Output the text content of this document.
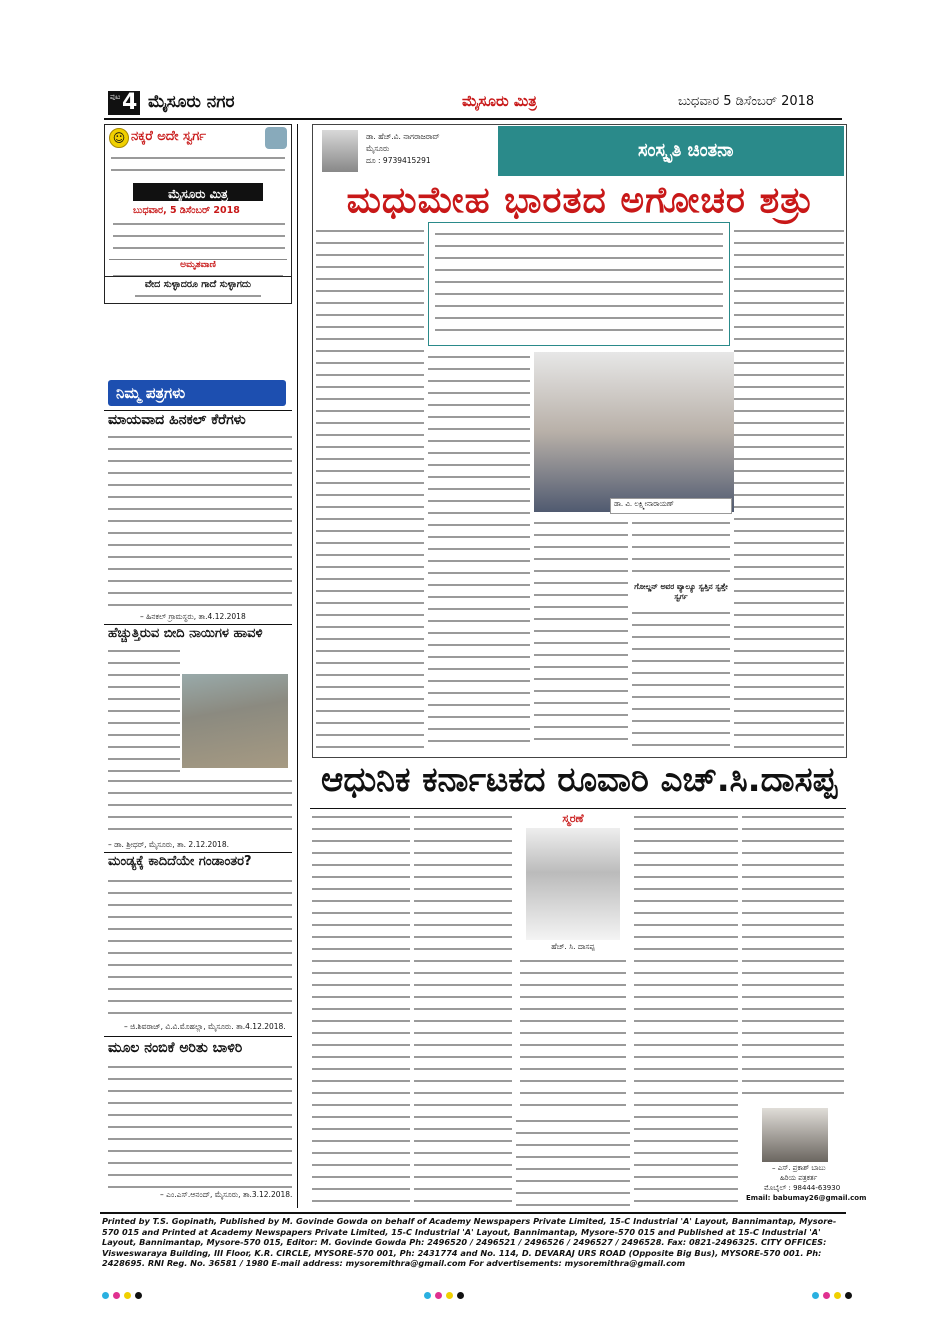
ಪುಟ 4 ಮೈಸೂರು ನಗರ	ಮೈಸೂರು ಮಿತ್ರ	ಬುಧವಾರ 5 ಡಿಸೆಂಬರ್ 2018
☺ ನಕ್ಕರೆ ಅದೇ ಸ್ವರ್ಗ
ಮೈಸೂರು ಮಿತ್ರ
ಬುಧವಾರ, 5 ಡಿಸೆಂಬರ್ 2018
ಅಮೃತವಾಣಿ
ವೇದ ಸುಳ್ಳಾದರೂ ಗಾದೆ ಸುಳ್ಳಾಗದು
ನಿಮ್ಮ ಪತ್ರಗಳು
ಮಾಯವಾದ ಹಿನಕಲ್ ಕೆರೆಗಳು
– ಹಿನಕಲ್ ಗ್ರಾಮಸ್ಥರು, ತಾ.4.12.2018
ಹೆಚ್ಚುತ್ತಿರುವ ಬೀದಿ ನಾಯಿಗಳ ಹಾವಳಿ
– ಡಾ. ಶ್ರೀಧರ್, ಮೈಸೂರು, ತಾ. 2.12.2018.
ಮಂಡ್ಯಕ್ಕೆ ಕಾದಿದೆಯೇ ಗಂಡಾಂತರ?
– ಜಿ.ಶಿವರಾಜ್, ವಿ.ವಿ.ಮೊಹಲ್ಲಾ, ಮೈಸೂರು. ತಾ.4.12.2018.
ಮೂಲ ನಂಬಿಕೆ ಅರಿತು ಬಾಳಿರಿ
– ಎಂ.ಎಸ್.ಆನಂದ್, ಮೈಸೂರು, ತಾ.3.12.2018.
ಡಾ. ಹೆಚ್.ವಿ. ನಾಗರಾಜರಾವ್
ಮೈಸೂರು
ದೂ : 9739415291	ಸಂಸ್ಕೃತಿ ಚಿಂತನಾ
ಮಧುಮೇಹ ಭಾರತದ ಅಗೋಚರ ಶತ್ರು
ಡಾ. ವಿ. ಲಕ್ಷ್ಮೀನಾರಾಯಣ್
ಗೋಲ್ಡನ್ ಅವರ ವ್ಯಾಲ್ಯೂ ಸ್ವತ್ತಿನ ಸ್ವತ್ತೇ ಸ್ವರ್ಗ
ಆಧುನಿಕ ಕರ್ನಾಟಕದ ರೂವಾರಿ ಎಚ್.ಸಿ.ದಾಸಪ್ಪ
ಸ್ಮರಣೆ
ಹೆಚ್. ಸಿ. ದಾಸಪ್ಪ
– ಎಸ್. ಪ್ರಕಾಶ್ ಬಾಬು
ಹಿರಿಯ ಪತ್ರಕರ್ತ
ಮೊಬೈಲ್ : 98444-63930
Email: babumay26@gmail.com
Printed by T.S. Gopinath, Published by M. Govinde Gowda on behalf of Academy Newspapers Private Limited, 15-C Industrial 'A' Layout, Bannimantap, Mysore-570 015 and Printed at Academy Newspapers Private Limited, 15-C Industrial 'A' Layout, Bannimantap, Mysore-570 015 and Published at 15-C Industrial 'A' Layout, Bannimantap, Mysore-570 015, Editor: M. Govinde Gowda Ph: 2496520 / 2496521 / 2496526 / 2496527 / 2496528. Fax: 0821-2496325. CITY OFFICES: Visweswaraya Building, III Floor, K.R. CIRCLE, MYSORE-570 001, Ph: 2431774 and No. 114, D. DEVARAJ URS ROAD (Opposite Big Bus), MYSORE-570 001. Ph: 2428695. RNI Reg. No. 36581 / 1980 E-mail address: mysoremithra@gmail.com For advertisements: mysoremithra@gmail.com
